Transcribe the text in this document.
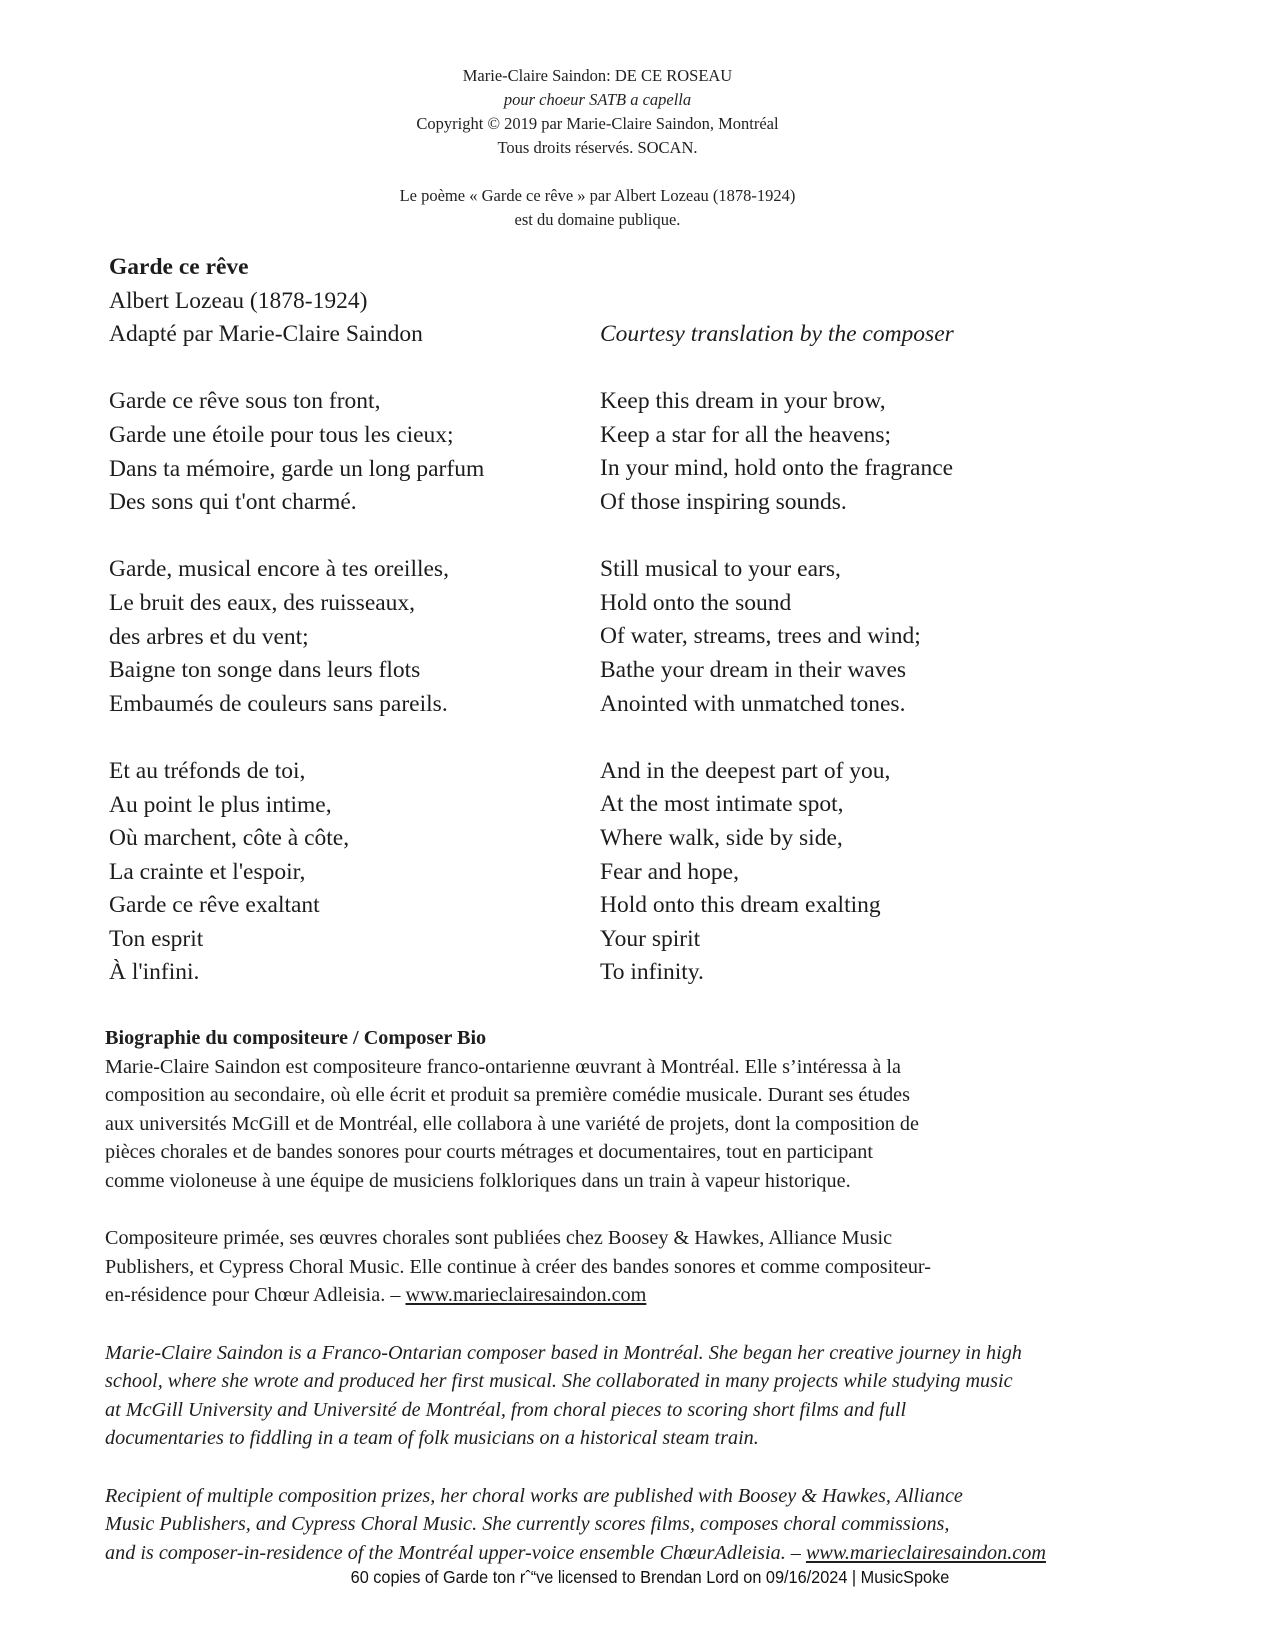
Marie-Claire Saindon: DE CE ROSEAU
pour choeur SATB a capella
Copyright © 2019 par Marie-Claire Saindon, Montréal
Tous droits réservés. SOCAN.
Le poème « Garde ce rêve » par Albert Lozeau (1878-1924)
est du domaine publique.
Garde ce rêve
Albert Lozeau (1878-1924)
Adapté par Marie-Claire Saindon
Garde ce rêve sous ton front,
Garde une étoile pour tous les cieux;
Dans ta mémoire, garde un long parfum
Des sons qui t'ont charmé.
Garde, musical encore à tes oreilles,
Le bruit des eaux, des ruisseaux,
des arbres et du vent;
Baigne ton songe dans leurs flots
Embaumés de couleurs sans pareils.
Et au tréfonds de toi,
Au point le plus intime,
Où marchent, côte à côte,
La crainte et l'espoir,
Garde ce rêve exaltant
Ton esprit
À l'infini.
Courtesy translation by the composer
Keep this dream in your brow,
Keep a star for all the heavens;
In your mind, hold onto the fragrance
Of those inspiring sounds.
Still musical to your ears,
Hold onto the sound
Of water, streams, trees and wind;
Bathe your dream in their waves
Anointed with unmatched tones.
And in the deepest part of you,
At the most intimate spot,
Where walk, side by side,
Fear and hope,
Hold onto this dream exalting
Your spirit
To infinity.
Biographie du compositeure / Composer Bio
Marie-Claire Saindon est compositeure franco-ontarienne œuvrant à Montréal. Elle s’intéressa à la
composition au secondaire, où elle écrit et produit sa première comédie musicale. Durant ses études
aux universités McGill et de Montréal, elle collabora à une variété de projets, dont la composition de
pièces chorales et de bandes sonores pour courts métrages et documentaires, tout en participant
comme violoneuse à une équipe de musiciens folkloriques dans un train à vapeur historique.
Compositeure primée, ses œuvres chorales sont publiées chez Boosey & Hawkes, Alliance Music
Publishers, et Cypress Choral Music. Elle continue à créer des bandes sonores et comme compositeur-
en-résidence pour Chœur Adleisia. – www.marieclairesaindon.com
Marie-Claire Saindon is a Franco-Ontarian composer based in Montréal. She began her creative journey in high
school, where she wrote and produced her first musical. She collaborated in many projects while studying music
at McGill University and Université de Montréal, from choral pieces to scoring short films and full
documentaries to fiddling in a team of folk musicians on a historical steam train.
Recipient of multiple composition prizes, her choral works are published with Boosey & Hawkes, Alliance
Music Publishers, and Cypress Choral Music. She currently scores films, composes choral commissions,
and is composer-in-residence of the Montréal upper-voice ensemble ChœurAdleisia. – www.marieclairesaindon.com
60 copies of Garde ton rˆ“ve licensed to Brendan Lord on 09/16/2024 | MusicSpoke
